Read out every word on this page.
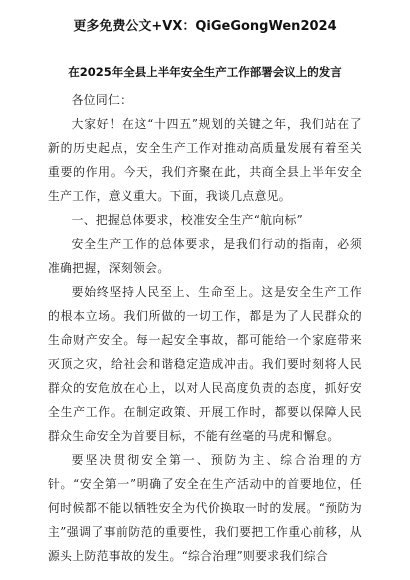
更多免费公文+VX：QiGeGongWen2024
在2025年全县上半年安全生产工作部署会议上的发言

各位同仁：

大家好！在这“十四五”规划的关键之年，我们站在了新的历史起点，安全生产工作对推动高质量发展有着至关重要的作用。今天，我们齐聚在此，共商全县上半年安全生产工作，意义重大。下面，我谈几点意见。

一、把握总体要求，校准安全生产“航向标”

安全生产工作的总体要求，是我们行动的指南，必须准确把握，深刻领会。

要始终坚持人民至上、生命至上。这是安全生产工作的根本立场。我们所做的一切工作，都是为了人民群众的生命财产安全。每一起安全事故，都可能给一个家庭带来灭顶之灾，给社会和谐稳定造成冲击。我们要时刻将人民群众的安危放在心上，以对人民高度负责的态度，抓好安全生产工作。在制定政策、开展工作时，都要以保障人民群众生命安全为首要目标，不能有丝毫的马虎和懈怠。

要坚决贯彻安全第一、预防为主、综合治理的方针。“安全第一”明确了安全在生产活动中的首要地位，任何时候都不能以牺牲安全为代价换取一时的发展。“预防为主”强调了事前防范的重要性，我们要把工作重心前移，从源头上防范事故的发生。“综合治理”则要求我们综合
